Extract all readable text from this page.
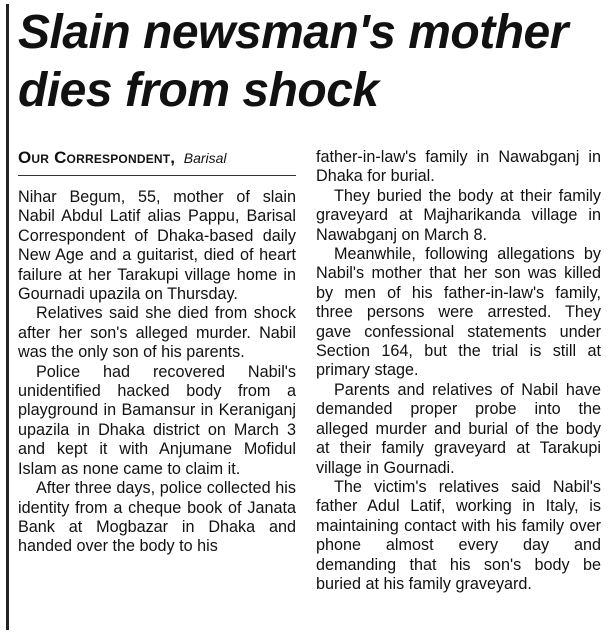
Slain newsman's mother
dies from shock
Our Correspondent, Barisal

Nihar Begum, 55, mother of slain Nabil Abdul Latif alias Pappu, Barisal Correspondent of Dhaka-based daily New Age and a guitarist, died of heart failure at her Tarakupi village home in Gournadi upazila on Thursday.

Relatives said she died from shock after her son's alleged murder. Nabil was the only son of his parents.

Police had recovered Nabil's unidentified hacked body from a playground in Bamansur in Keraniganj upazila in Dhaka district on March 3 and kept it with Anjumane Mofidul Islam as none came to claim it.

After three days, police collected his identity from a cheque book of Janata Bank at Mogbazar in Dhaka and handed over the body to his

father-in-law's family in Nawabganj in Dhaka for burial.

They buried the body at their family graveyard at Majharikanda village in Nawabganj on March 8.

Meanwhile, following allegations by Nabil's mother that her son was killed by men of his father-in-law's family, three persons were arrested. They gave confessional statements under Section 164, but the trial is still at primary stage.

Parents and relatives of Nabil have demanded proper probe into the alleged murder and burial of the body at their family graveyard at Tarakupi village in Gournadi.

The victim's relatives said Nabil's father Adul Latif, working in Italy, is maintaining contact with his family over phone almost every day and demanding that his son's body be buried at his family graveyard.
